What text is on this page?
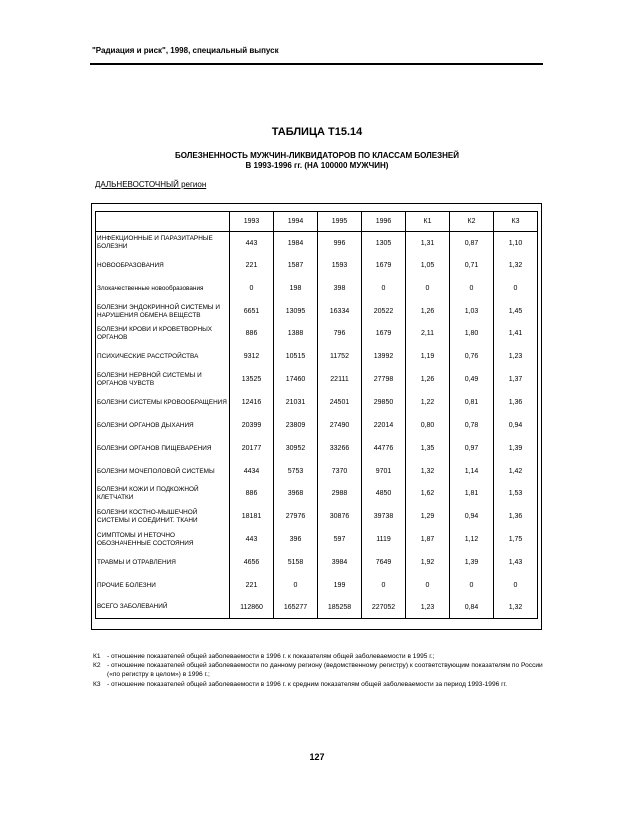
"Радиация и риск", 1998, специальный выпуск
ТАБЛИЦА Т15.14
БОЛЕЗНЕННОСТЬ МУЖЧИН-ЛИКВИДАТОРОВ ПО КЛАССАМ БОЛЕЗНЕЙ
В 1993-1996 гг. (НА 100000 МУЖЧИН)
ДАЛЬНЕВОСТОЧНЫЙ регион
	1993	1994	1995	1996	К1	К2	К3
ИНФЕКЦИОННЫЕ И ПАРАЗИТАРНЫЕ БОЛЕЗНИ	443	1984	996	1305	1,31	0,87	1,10
НОВООБРАЗОВАНИЯ	221	1587	1593	1679	1,05	0,71	1,32
Злокачественные новообразования	0	198	398	0	0	0	0
БОЛЕЗНИ ЭНДОКРИННОЙ СИСТЕМЫ И НАРУШЕНИЯ ОБМЕНА ВЕЩЕСТВ	6651	13095	16334	20522	1,26	1,03	1,45
БОЛЕЗНИ КРОВИ И КРОВЕТВОРНЫХ ОРГАНОВ	886	1388	796	1679	2,11	1,80	1,41
ПСИХИЧЕСКИЕ РАССТРОЙСТВА	9312	10515	11752	13992	1,19	0,76	1,23
БОЛЕЗНИ НЕРВНОЙ СИСТЕМЫ И ОРГАНОВ ЧУВСТВ	13525	17460	22111	27798	1,26	0,49	1,37
БОЛЕЗНИ СИСТЕМЫ КРОВООБРАЩЕНИЯ	12416	21031	24501	29850	1,22	0,81	1,36
БОЛЕЗНИ ОРГАНОВ ДЫХАНИЯ	20399	23809	27490	22014	0,80	0,78	0,94
БОЛЕЗНИ ОРГАНОВ ПИЩЕВАРЕНИЯ	20177	30952	33266	44776	1,35	0,97	1,39
БОЛЕЗНИ МОЧЕПОЛОВОЙ СИСТЕМЫ	4434	5753	7370	9701	1,32	1,14	1,42
БОЛЕЗНИ КОЖИ И ПОДКОЖНОЙ КЛЕТЧАТКИ	886	3968	2988	4850	1,62	1,81	1,53
БОЛЕЗНИ КОСТНО-МЫШЕЧНОЙ СИСТЕМЫ И СОЕДИНИТ. ТКАНИ	18181	27976	30876	39738	1,29	0,94	1,36
СИМПТОМЫ И НЕТОЧНО ОБОЗНАЧЕННЫЕ СОСТОЯНИЯ	443	396	597	1119	1,87	1,12	1,75
ТРАВМЫ И ОТРАВЛЕНИЯ	4656	5158	3984	7649	1,92	1,39	1,43
ПРОЧИЕ БОЛЕЗНИ	221	0	199	0	0	0	0
ВСЕГО ЗАБОЛЕВАНИЙ	112860	165277	185258	227052	1,23	0,84	1,32
К1 - отношение показателей общей заболеваемости в 1996 г. к показателям общей заболеваемости в 1995 г.;
К2 - отношение показателей общей заболеваемости по данному региону (ведомственному регистру) к соответствующим показателям по России («по регистру в целом») в 1996 г.;
К3 - отношение показателей общей заболеваемости в 1996 г. к средним показателям общей заболеваемости за период 1993-1996 гг.
127
